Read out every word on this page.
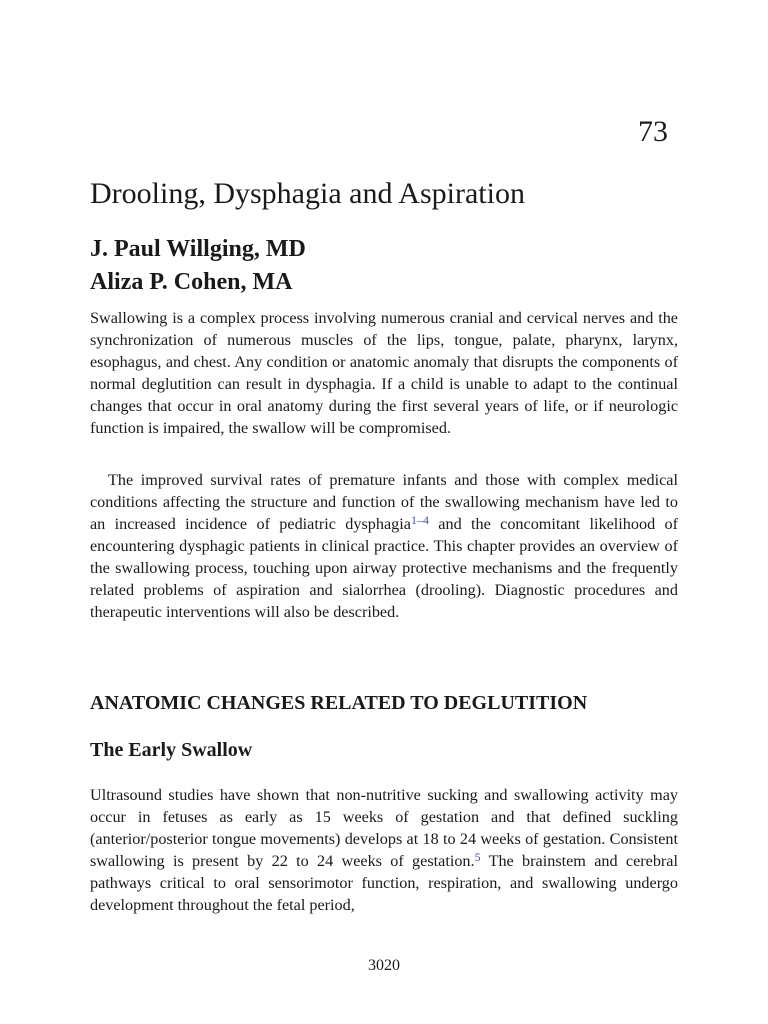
73
Drooling, Dysphagia and Aspiration
J. Paul Willging, MD
Aliza P. Cohen, MA

Swallowing is a complex process involving numerous cranial and cervical nerves and the synchronization of numerous muscles of the lips, tongue, palate, pharynx, larynx, esophagus, and chest. Any condition or anatomic anomaly that disrupts the components of normal deglutition can result in dysphagia. If a child is unable to adapt to the continual changes that occur in oral anatomy during the first several years of life, or if neurologic function is impaired, the swallow will be compromised.

The improved survival rates of premature infants and those with complex medical conditions affecting the structure and function of the swallowing mechanism have led to an increased incidence of pediatric dysphagia$^{1-4}$ and the concomitant likelihood of encountering dysphagic patients in clinical practice. This chapter provides an overview of the swallowing process, touching upon airway protective mechanisms and the frequently related problems of aspiration and sialorrhea (drooling). Diagnostic procedures and therapeutic interventions will also be described.

ANATOMIC CHANGES RELATED TO DEGLUTITION
The Early Swallow

Ultrasound studies have shown that non-nutritive sucking and swallowing activity may occur in fetuses as early as 15 weeks of gestation and that defined suckling (anterior/posterior tongue movements) develops at 18 to 24 weeks of gestation. Consistent swallowing is present by 22 to 24 weeks of gestation.$^5$ The brainstem and cerebral pathways critical to oral sensorimotor function, respiration, and swallowing undergo development throughout the fetal period,

3020
